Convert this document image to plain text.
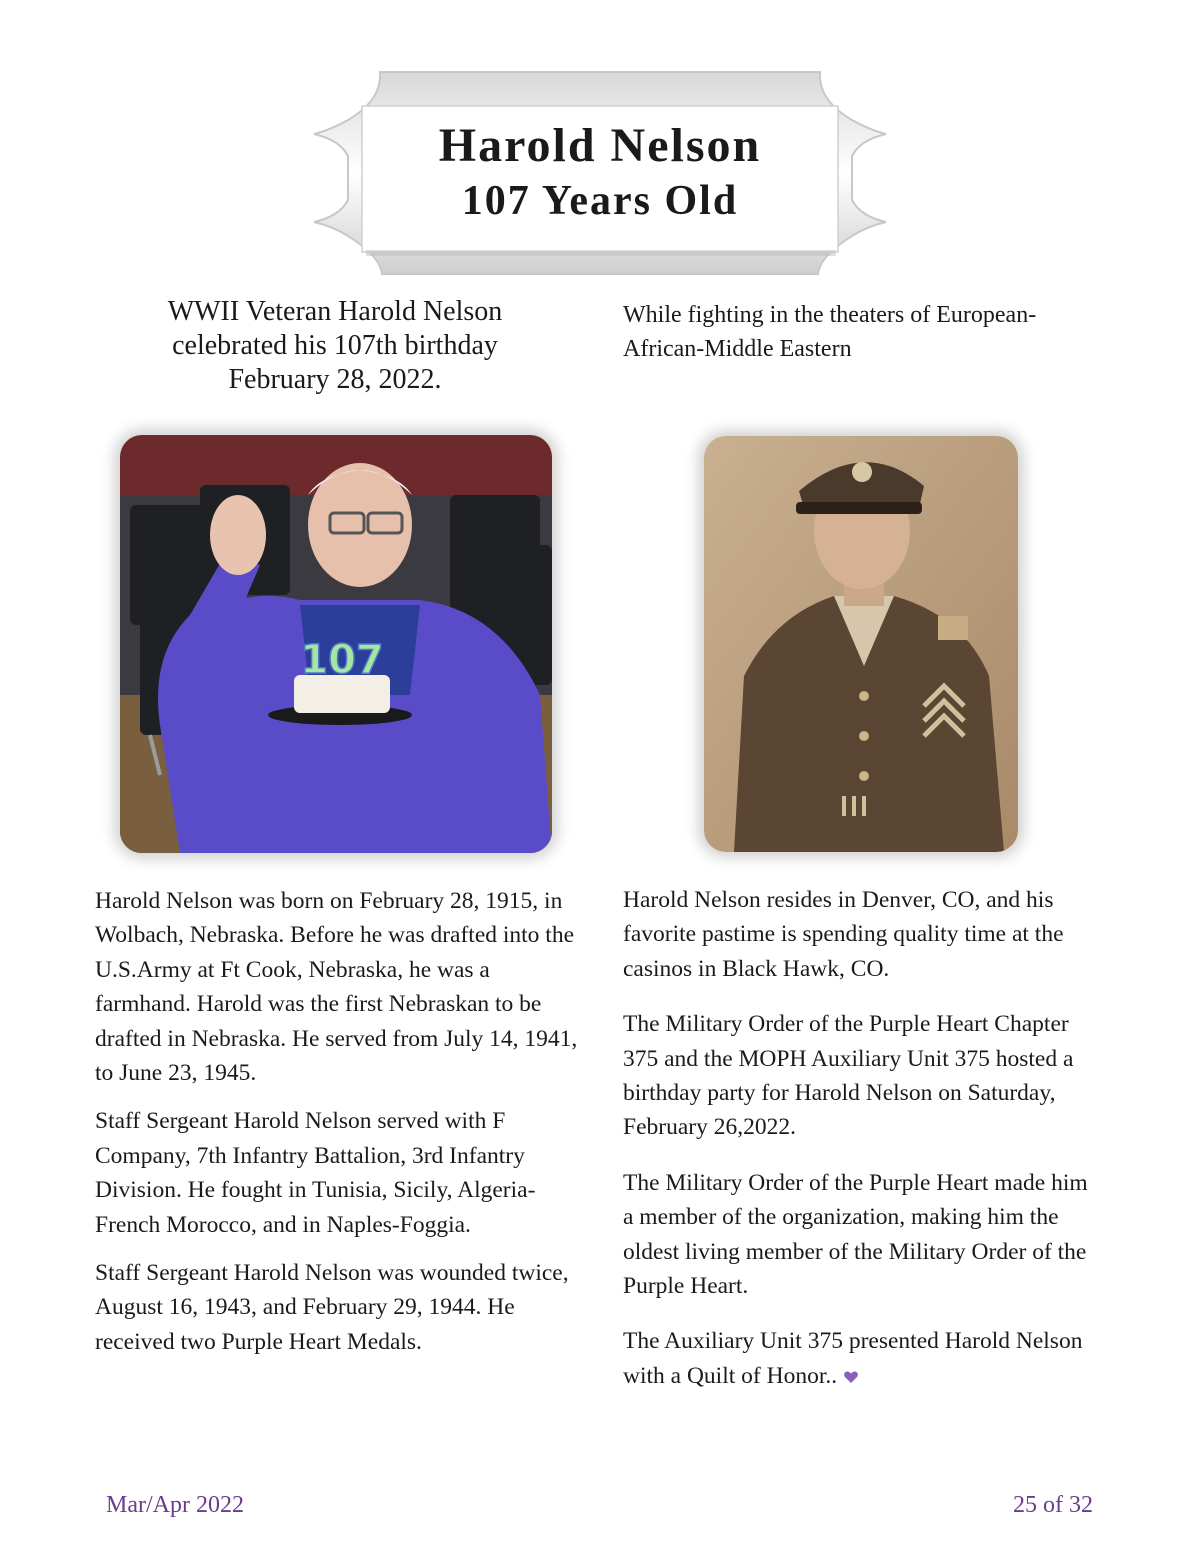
Harold Nelson
107 Years Old
WWII Veteran Harold Nelson
celebrated his 107th birthday
February 28, 2022.
While fighting in the theaters of European-African-Middle Eastern
107

Harold Nelson was born on February 28, 1915, in Wolbach, Nebraska. Before he was drafted into the U.S.Army at Ft Cook, Nebraska, he was a farmhand. Harold was the first Nebraskan to be drafted in Nebraska. He served from July 14, 1941, to June 23, 1945.

Staff Sergeant Harold Nelson served with F Company, 7th Infantry Battalion, 3rd Infantry Division. He fought in Tunisia, Sicily, Algeria-French Morocco, and in Naples-Foggia.

Staff Sergeant Harold Nelson was wounded twice, August 16, 1943, and February 29, 1944. He received two Purple Heart Medals.

Harold Nelson resides in Denver, CO, and his favorite pastime is spending quality time at the casinos in Black Hawk, CO.

The Military Order of the Purple Heart Chapter 375 and the MOPH Auxiliary Unit 375 hosted a birthday party for Harold Nelson on Saturday, February 26,2022.

The Military Order of the Purple Heart made him a member of the organization, making him the oldest living member of the Military Order of the Purple Heart.

The Auxiliary Unit 375 presented Harold Nelson with a Quilt of Honor..

Mar/Apr 2022	25 of 32
